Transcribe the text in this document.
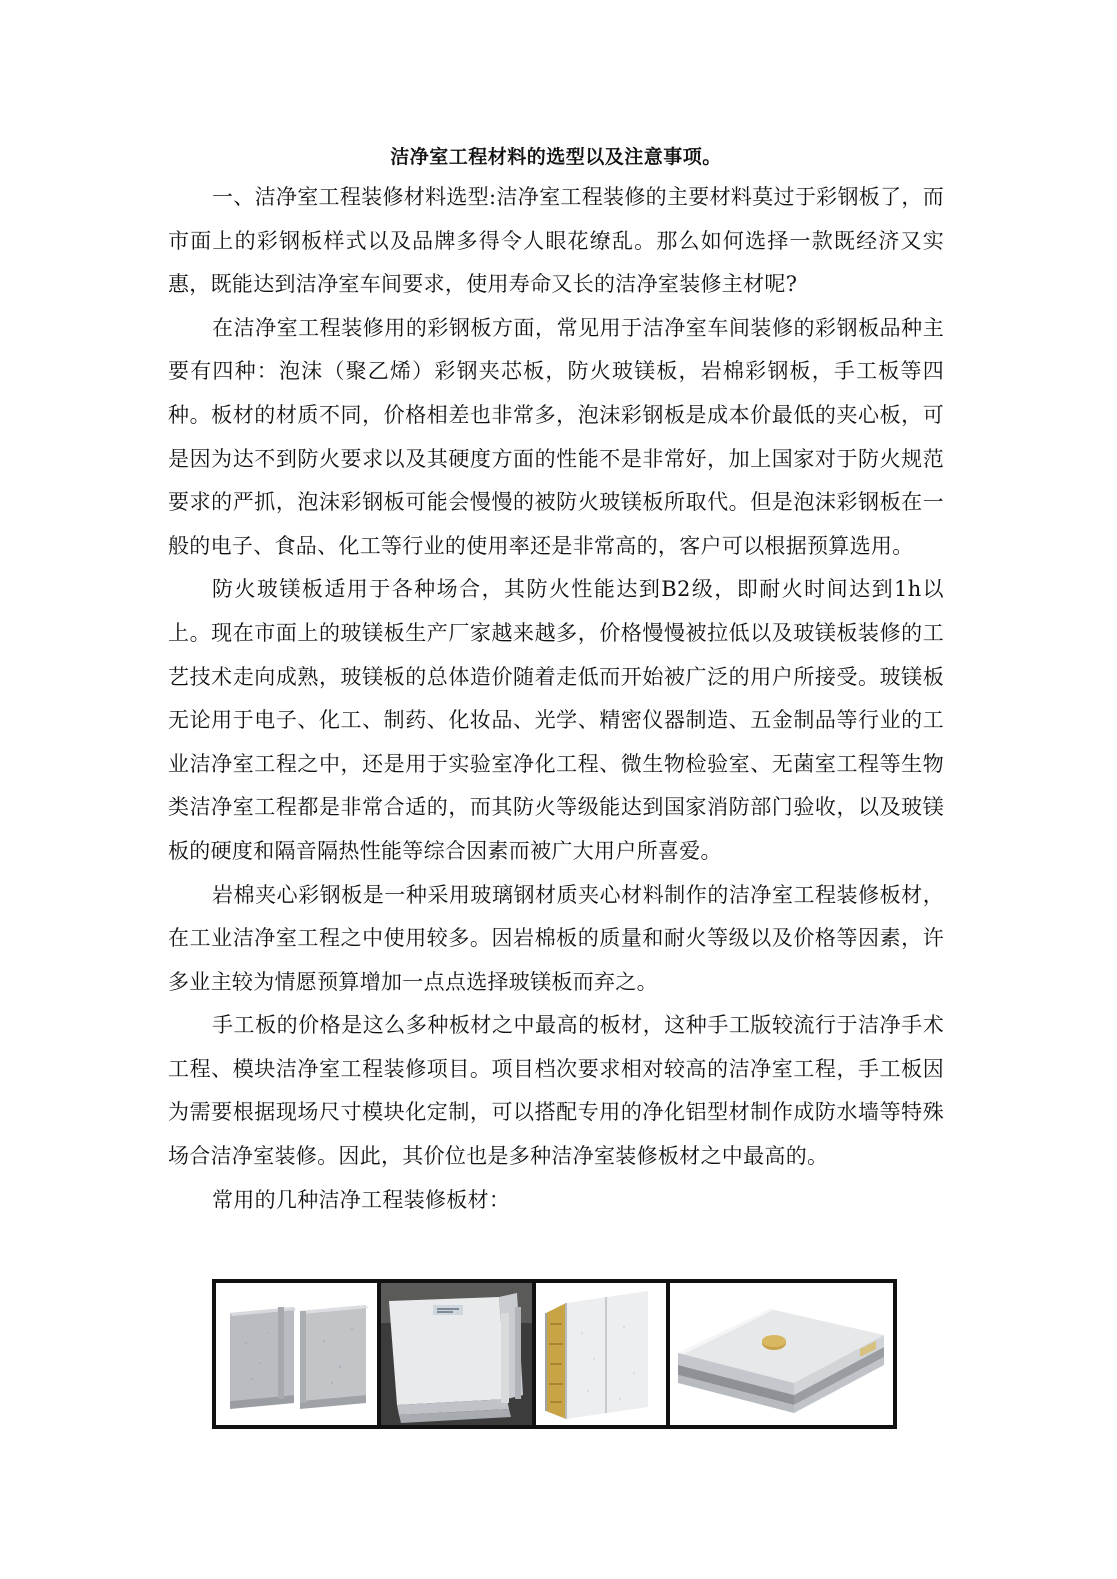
洁净室工程材料的选型以及注意事项。

一、洁净室工程装修材料选型:洁净室工程装修的主要材料莫过于彩钢板了，而市面上的彩钢板样式以及品牌多得令人眼花缭乱。那么如何选择一款既经济又实惠，既能达到洁净室车间要求，使用寿命又长的洁净室装修主材呢?

在洁净室工程装修用的彩钢板方面，常见用于洁净室车间装修的彩钢板品种主要有四种：泡沫（聚乙烯）彩钢夹芯板，防火玻镁板，岩棉彩钢板，手工板等四种。板材的材质不同，价格相差也非常多，泡沫彩钢板是成本价最低的夹心板，可是因为达不到防火要求以及其硬度方面的性能不是非常好，加上国家对于防火规范要求的严抓，泡沫彩钢板可能会慢慢的被防火玻镁板所取代。但是泡沫彩钢板在一般的电子、食品、化工等行业的使用率还是非常高的，客户可以根据预算选用。

防火玻镁板适用于各种场合，其防火性能达到B2级，即耐火时间达到1h以上。现在市面上的玻镁板生产厂家越来越多，价格慢慢被拉低以及玻镁板装修的工艺技术走向成熟，玻镁板的总体造价随着走低而开始被广泛的用户所接受。玻镁板无论用于电子、化工、制药、化妆品、光学、精密仪器制造、五金制品等行业的工业洁净室工程之中，还是用于实验室净化工程、微生物检验室、无菌室工程等生物类洁净室工程都是非常合适的，而其防火等级能达到国家消防部门验收，以及玻镁板的硬度和隔音隔热性能等综合因素而被广大用户所喜爱。

岩棉夹心彩钢板是一种采用玻璃钢材质夹心材料制作的洁净室工程装修板材，在工业洁净室工程之中使用较多。因岩棉板的质量和耐火等级以及价格等因素，许多业主较为情愿预算增加一点点选择玻镁板而弃之。

手工板的价格是这么多种板材之中最高的板材，这种手工版较流行于洁净手术工程、模块洁净室工程装修项目。项目档次要求相对较高的洁净室工程，手工板因为需要根据现场尺寸模块化定制，可以搭配专用的净化铝型材制作成防水墙等特殊场合洁净室装修。因此，其价位也是多种洁净室装修板材之中最高的。

常用的几种洁净工程装修板材：
